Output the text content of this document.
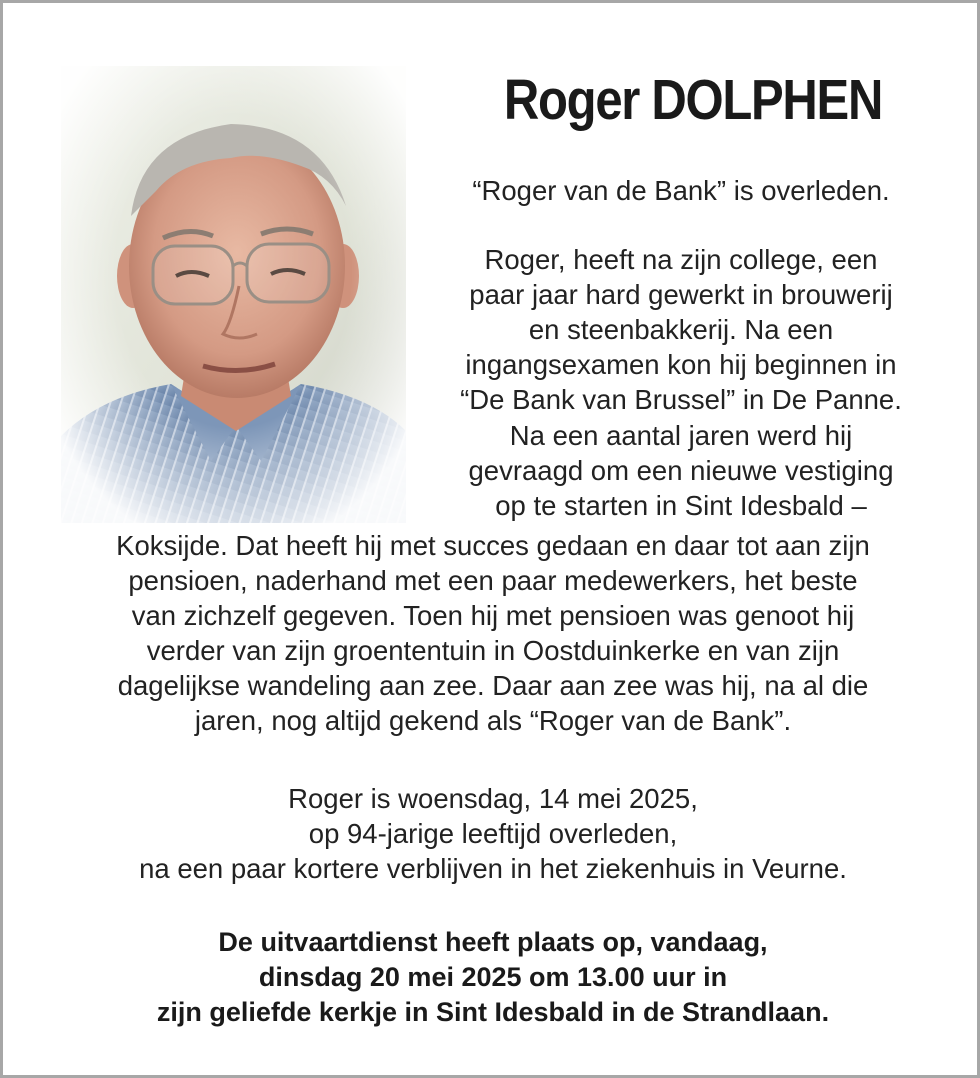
Roger DOLPHEN
“Roger van de Bank” is overleden.
Roger, heeft na zijn college, een
paar jaar hard gewerkt in brouwerij
en steenbakkerij. Na een
ingangsexamen kon hij beginnen in
“De Bank van Brussel” in De Panne.
Na een aantal jaren werd hij
gevraagd om een nieuwe vestiging
op te starten in Sint Idesbald –
Koksijde. Dat heeft hij met succes gedaan en daar tot aan zijn
pensioen, naderhand met een paar medewerkers, het beste
van zichzelf gegeven. Toen hij met pensioen was genoot hij
verder van zijn groententuin in Oostduinkerke en van zijn
dagelijkse wandeling aan zee. Daar aan zee was hij, na al die
jaren, nog altijd gekend als “Roger van de Bank”.
Roger is woensdag, 14 mei 2025,
op 94-jarige leeftijd overleden,
na een paar kortere verblijven in het ziekenhuis in Veurne.
De uitvaartdienst heeft plaats op, vandaag,
dinsdag 20 mei 2025 om 13.00 uur in
zijn geliefde kerkje in Sint Idesbald in de Strandlaan.
